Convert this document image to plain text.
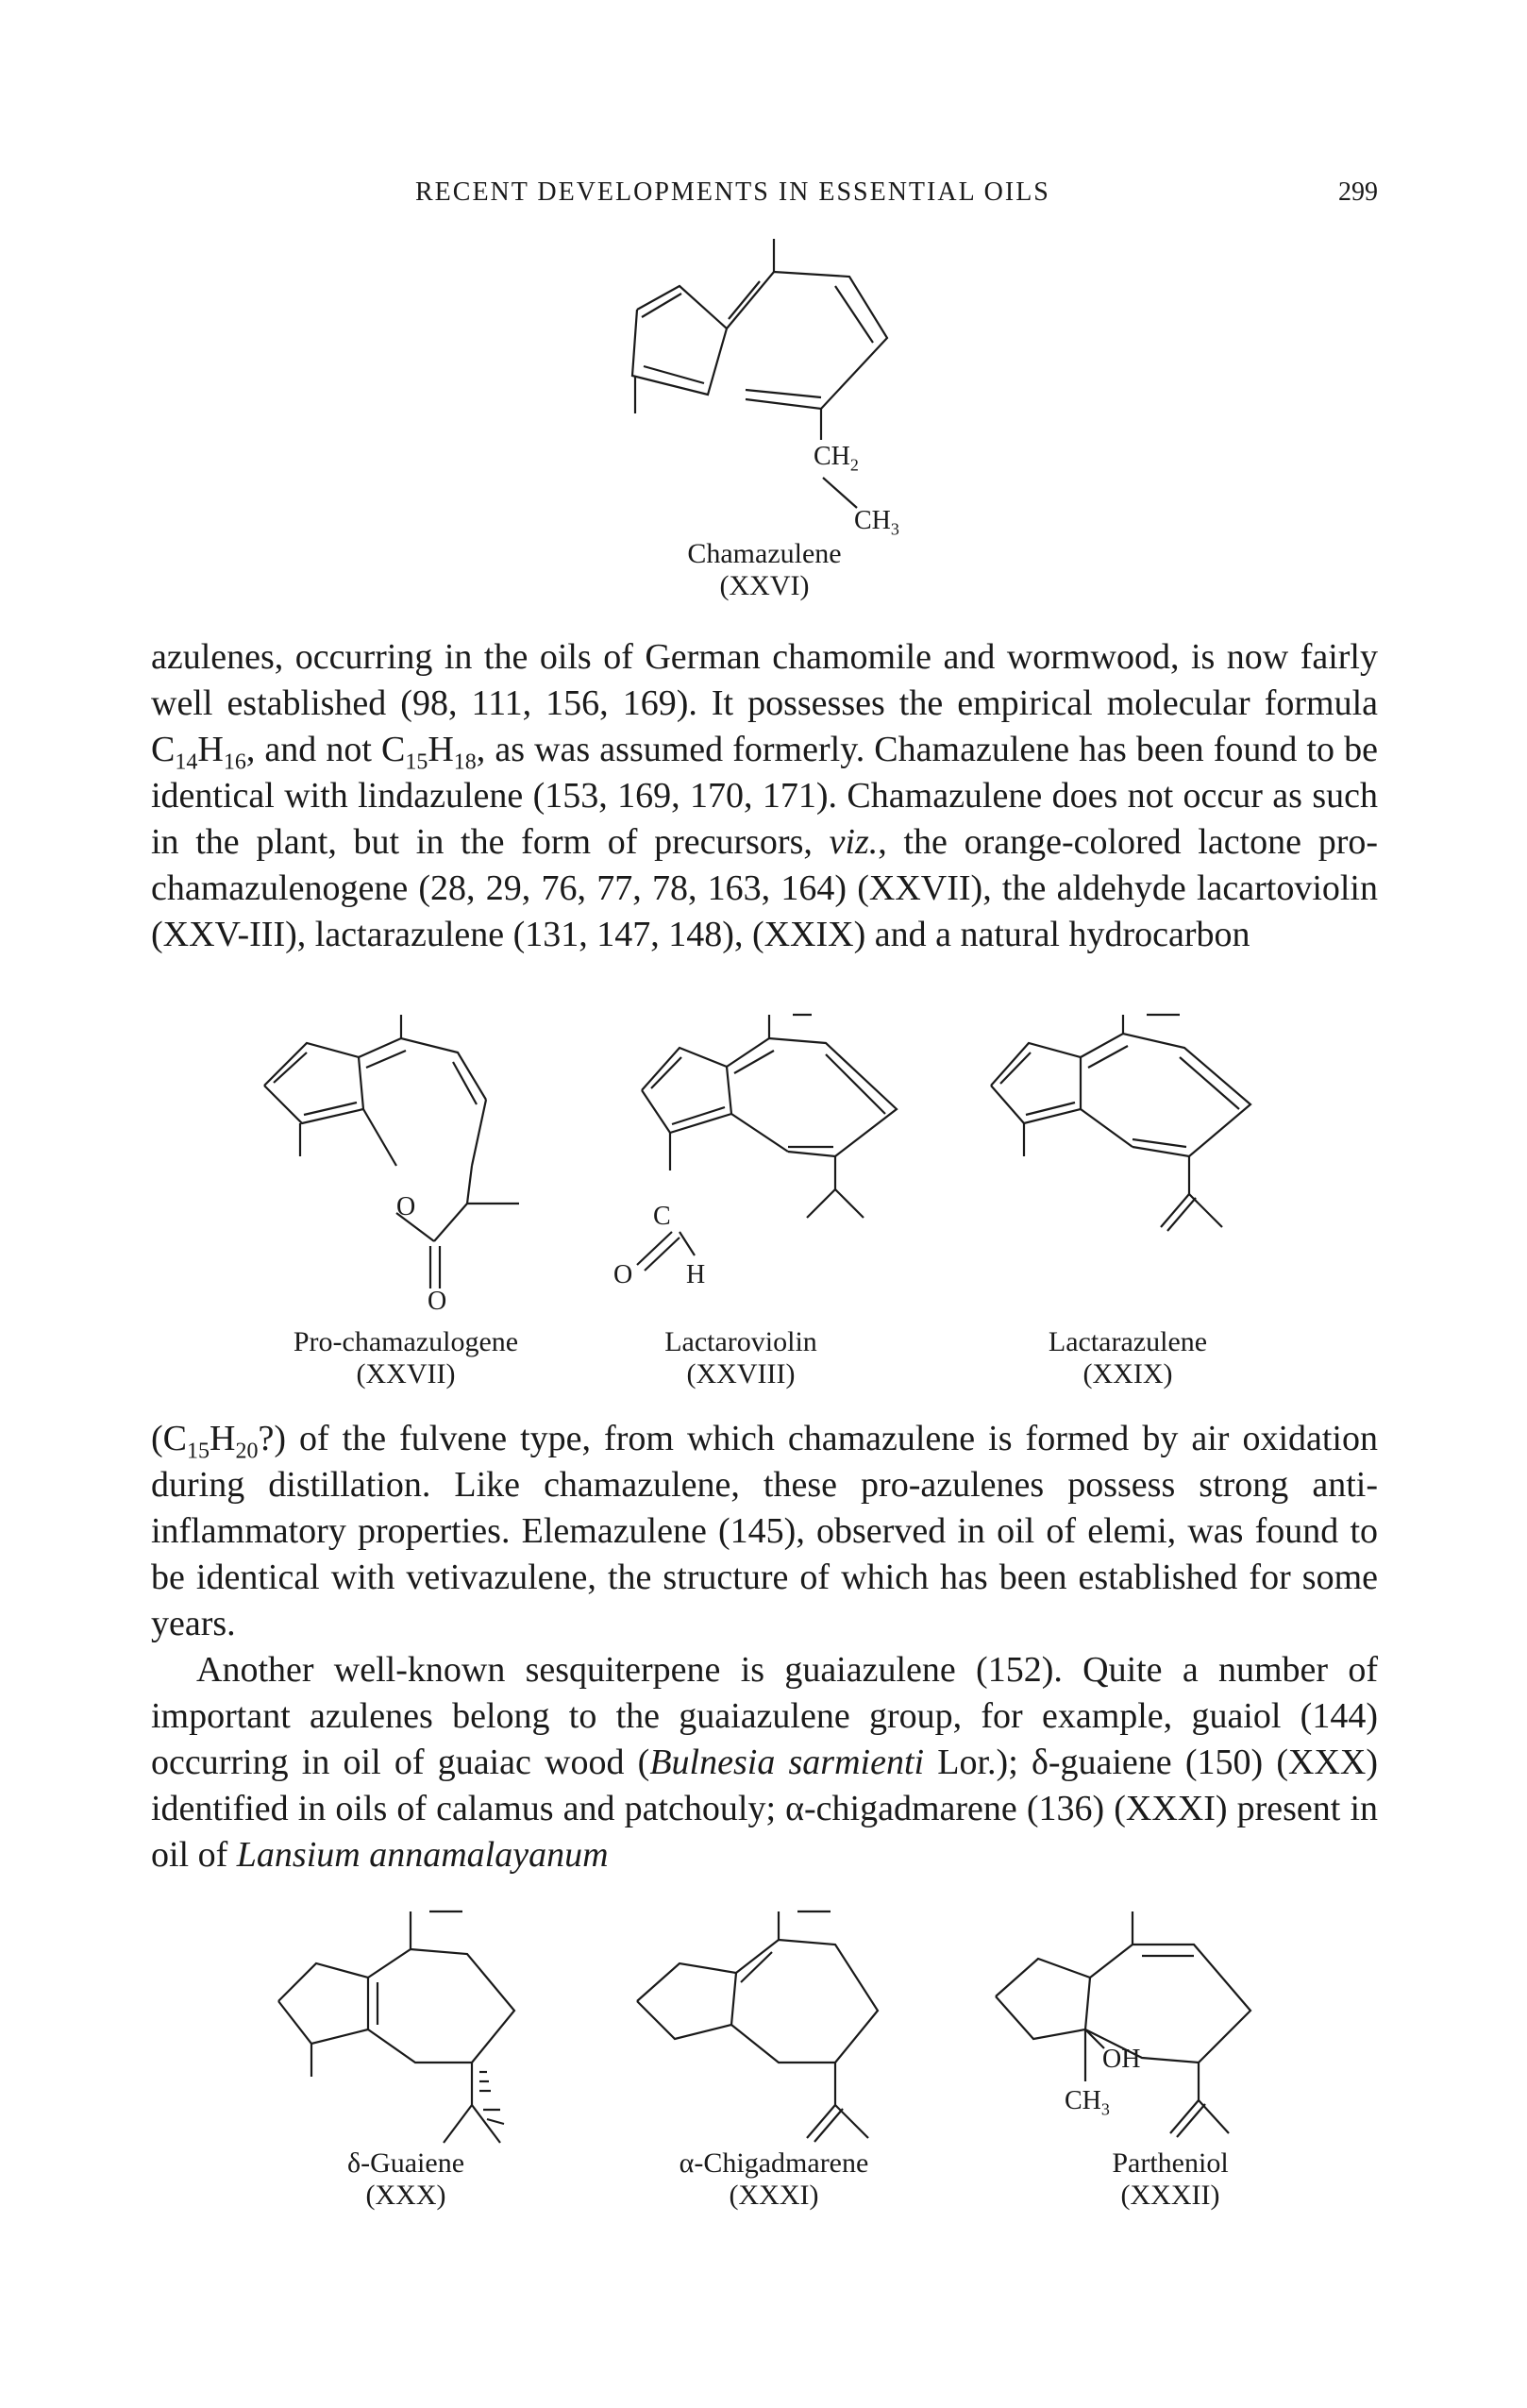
RECENT DEVELOPMENTS IN ESSENTIAL OILS	299
$CH_2$
$CH_3$
Chamazulene
(XXVI)

azulenes, occurring in the oils of German chamomile and wormwood, is now fairly well established (98, 111, 156, 169). It possesses the empirical molecular formula $C_{14}H_{16}$, and not $C_{15}H_{18}$, as was assumed formerly. Chamazulene has been found to be identical with lindazulene (153, 169, 170, 171). Chamazulene does not occur as such in the plant, but in the form of precursors, viz., the orange-colored lactone pro-chamazulenogene (28, 29, 76, 77, 78, 163, 164) (XXVII), the aldehyde lacartoviolin (XXV-III), lactarazulene (131, 147, 148), (XXIX) and a natural hydrocarbon

O
O
Pro-chamazulogene
(XXVII)
C
O H
Lactaroviolin
(XXVIII)
Lactarazulene
(XXIX)

$(C_{15}H_{20}?)$ of the fulvene type, from which chamazulene is formed by air oxidation during distillation. Like chamazulene, these pro-azulenes possess strong anti-inflammatory properties. Elemazulene (145), observed in oil of elemi, was found to be identical with vetivazulene, the structure of which has been established for some years.

Another well-known sesquiterpene is guaiazulene (152). Quite a number of important azulenes belong to the guaiazulene group, for example, guaiol (144) occurring in oil of guaiac wood (Bulnesia sarmienti Lor.); δ-guaiene (150) (XXX) identified in oils of calamus and patchouly; α-chigadmarene (136) (XXXI) present in oil of Lansium annamalayanum

δ-Guaiene
(XXX)
α-Chigadmarene
(XXXI)
OH
$CH_3$
Partheniol
(XXXII)
